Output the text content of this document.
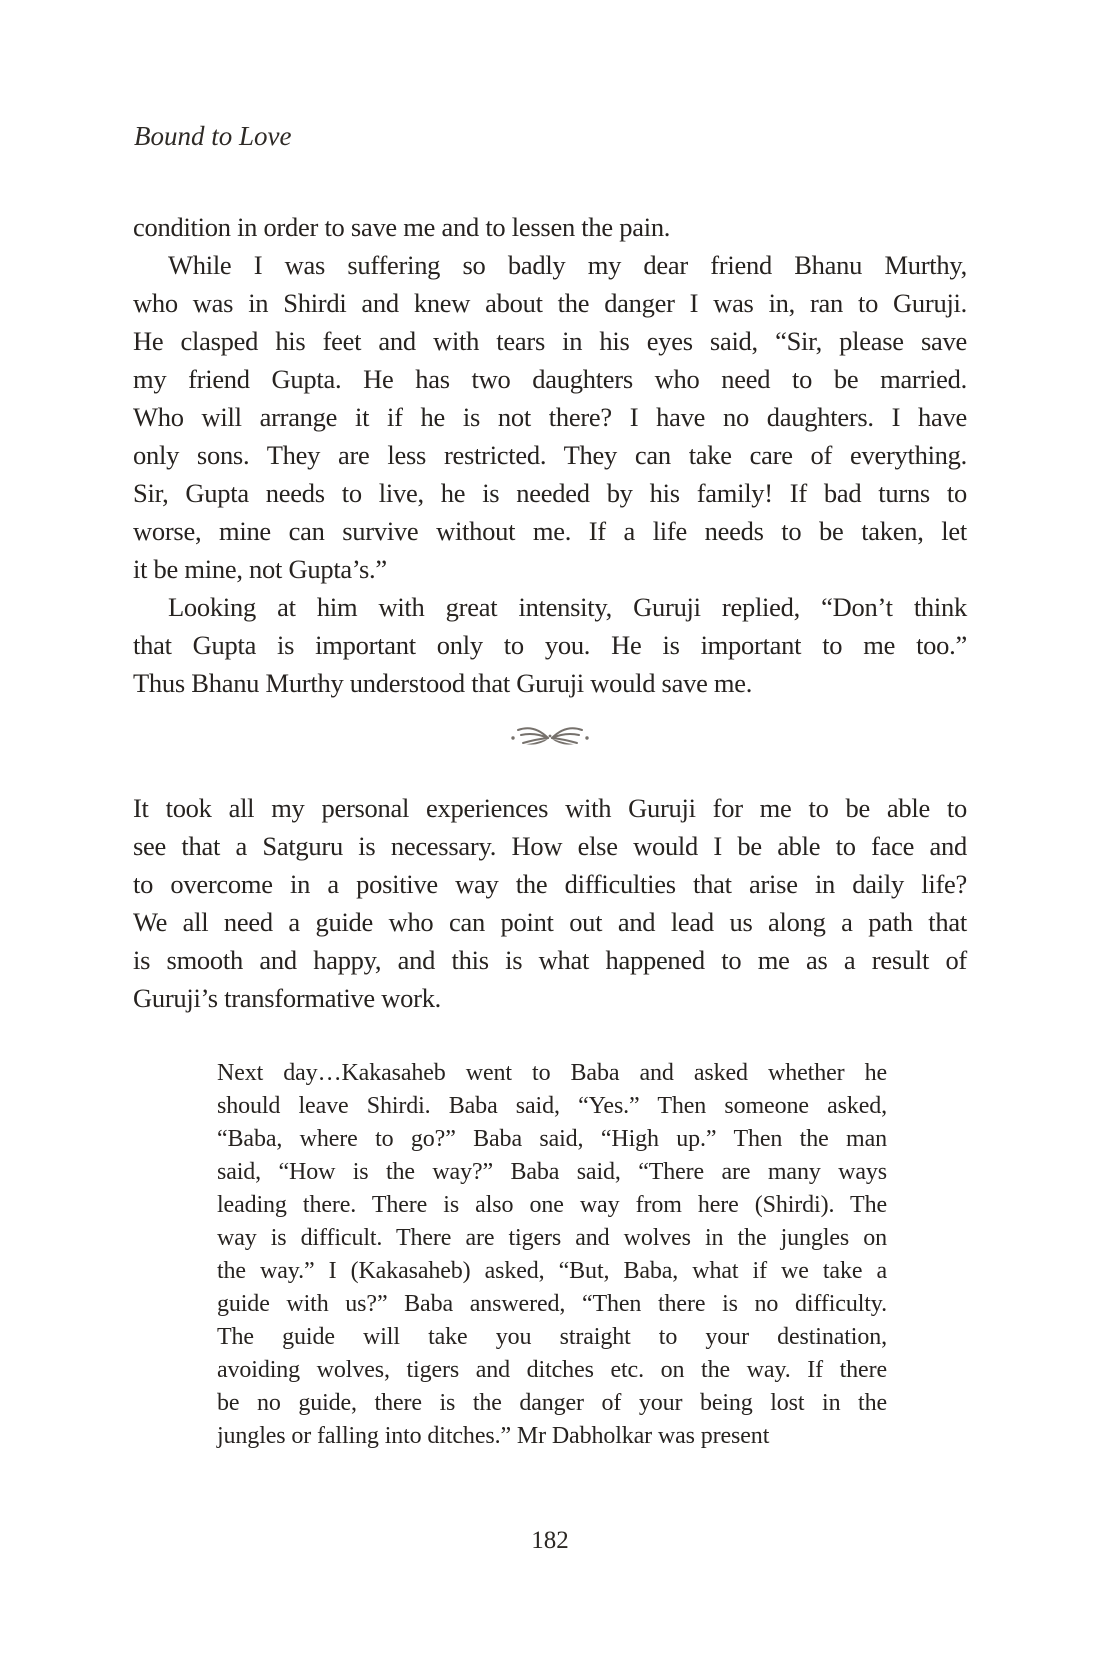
Bound to Love
condition in order to save me and to lessen the pain.
While I was suffering so badly my dear friend Bhanu Murthy,
who was in Shirdi and knew about the danger I was in, ran to Guruji.
He clasped his feet and with tears in his eyes said, “Sir, please save
my friend Gupta. He has two daughters who need to be married.
Who will arrange it if he is not there? I have no daughters. I have
only sons. They are less restricted. They can take care of everything.
Sir, Gupta needs to live, he is needed by his family! If bad turns to
worse, mine can survive without me. If a life needs to be taken, let
it be mine, not Gupta’s.”
Looking at him with great intensity, Guruji replied, “Don’t think
that Gupta is important only to you. He is important to me too.”
Thus Bhanu Murthy understood that Guruji would save me.
It took all my personal experiences with Guruji for me to be able to
see that a Satguru is necessary. How else would I be able to face and
to overcome in a positive way the difficulties that arise in daily life?
We all need a guide who can point out and lead us along a path that
is smooth and happy, and this is what happened to me as a result of
Guruji’s transformative work.
Next day…Kakasaheb went to Baba and asked whether he
should leave Shirdi. Baba said, “Yes.” Then someone asked,
“Baba, where to go?” Baba said, “High up.” Then the man
said, “How is the way?” Baba said, “There are many ways
leading there. There is also one way from here (Shirdi). The
way is difficult. There are tigers and wolves in the jungles on
the way.” I (Kakasaheb) asked, “But, Baba, what if we take a
guide with us?” Baba answered, “Then there is no difficulty.
The guide will take you straight to your destination,
avoiding wolves, tigers and ditches etc. on the way. If there
be no guide, there is the danger of your being lost in the
jungles or falling into ditches.” Mr Dabholkar was present
182
